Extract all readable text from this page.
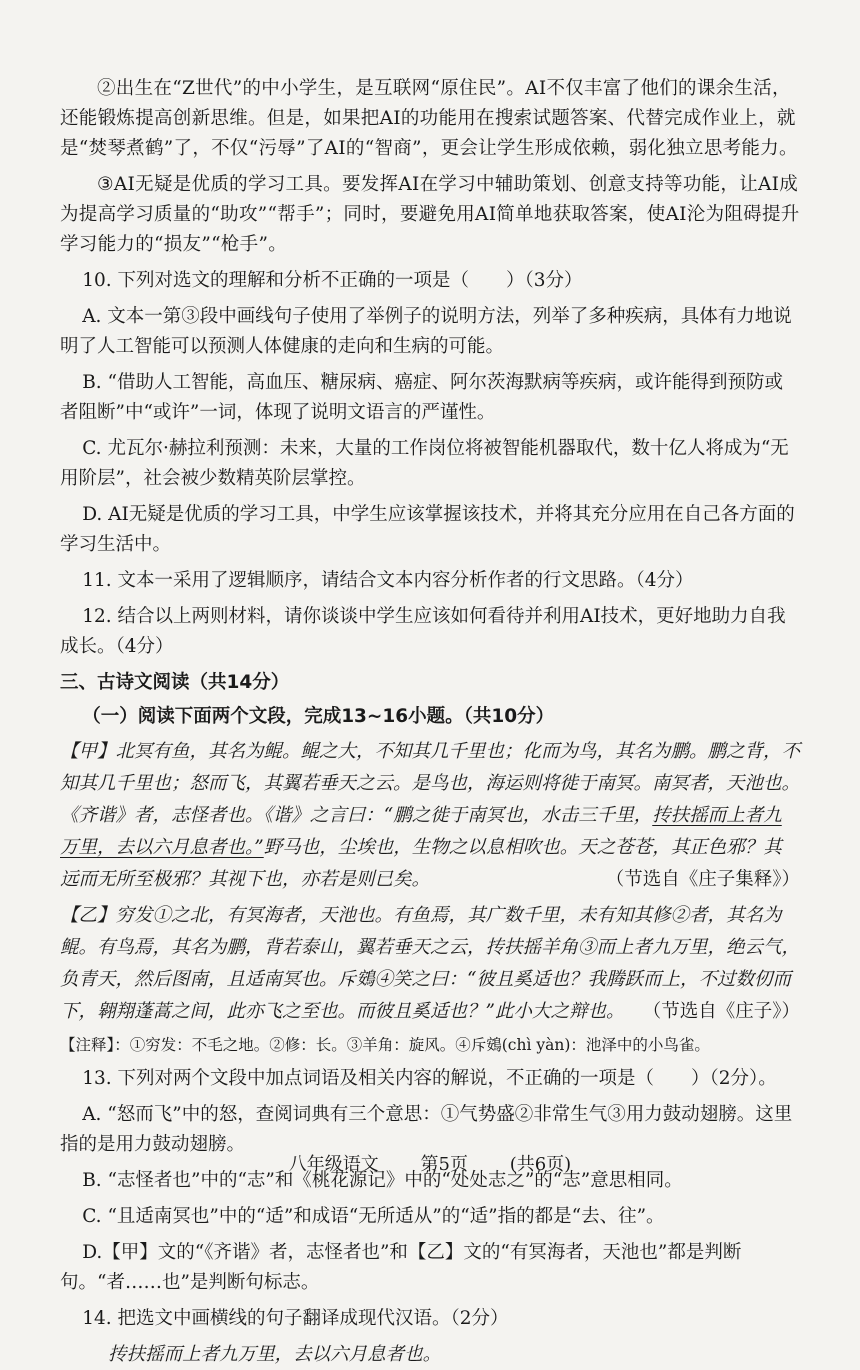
②出生在“Z世代”的中小学生，是互联网“原住民”。AI不仅丰富了他们的课余生活，还能锻炼提高创新思维。但是，如果把AI的功能用在搜索试题答案、代替完成作业上，就是“焚琴煮鹤”了，不仅“污辱”了AI的“智商”，更会让学生形成依赖，弱化独立思考能力。

③AI无疑是优质的学习工具。要发挥AI在学习中辅助策划、创意支持等功能，让AI成为提高学习质量的“助攻”“帮手”；同时，要避免用AI简单地获取答案，使AI沦为阻碍提升学习能力的“损友”“枪手”。

10. 下列对选文的理解和分析不正确的一项是（　　）（3分）

A. 文本一第③段中画线句子使用了举例子的说明方法，列举了多种疾病，具体有力地说明了人工智能可以预测人体健康的走向和生病的可能。

B. “借助人工智能，高血压、糖尿病、癌症、阿尔茨海默病等疾病，或许能得到预防或者阻断”中“或许”一词，体现了说明文语言的严谨性。

C. 尤瓦尔·赫拉利预测：未来，大量的工作岗位将被智能机器取代，数十亿人将成为“无用阶层”，社会被少数精英阶层掌控。

D. AI无疑是优质的学习工具，中学生应该掌握该技术，并将其充分应用在自己各方面的学习生活中。

11. 文本一采用了逻辑顺序，请结合文本内容分析作者的行文思路。（4分）

12. 结合以上两则材料，请你谈谈中学生应该如何看待并利用AI技术，更好地助力自我成长。（4分）

三、古诗文阅读（共14分）
（一）阅读下面两个文段，完成13~16小题。（共10分）

【甲】北冥有鱼，其名为鲲。鲲之大，不知其几千里也；化而为鸟，其名为鹏。鹏之背，不知其几千里也；怒而飞，其翼若垂天之云。是鸟也，海运则将徙于南冥。南冥者，天池也。《齐谐》者，志怪者也。《谐》之言曰：“鹏之徙于南冥也，水击三千里，抟扶摇而上者九万里，去以六月息者也。”野马也，尘埃也，生物之以息相吹也。天之苍苍，其正色邪？其远而无所至极邪？其视下也，亦若是则已矣。	（节选自《庄子集释》）

【乙】穷发①之北，有冥海者，天池也。有鱼焉，其广数千里，未有知其修②者，其名为鲲。有鸟焉，其名为鹏，背若泰山，翼若垂天之云，抟扶摇羊角③而上者九万里，绝云气，负青天，然后图南，且适南冥也。斥鴳④笑之曰：“彼且奚适也？我腾跃而上，不过数仞而下，翱翔蓬蒿之间，此亦飞之至也。而彼且奚适也？”此小大之辩也。 （节选自《庄子》）

【注释】：①穷发：不毛之地。②修：长。③羊角：旋风。④斥鴳(chì yàn)：池泽中的小鸟雀。

13. 下列对两个文段中加点词语及相关内容的解说，不正确的一项是（　　）（2分）。

A. “怒而飞”中的怒，查阅词典有三个意思：①气势盛②非常生气③用力鼓动翅膀。这里指的是用力鼓动翅膀。

B. “志怪者也”中的“志”和《桃花源记》中的“处处志之”的“志”意思相同。

C. “且适南冥也”中的“适”和成语“无所适从”的“适”指的都是“去、往”。

D.【甲】文的“《齐谐》者，志怪者也”和【乙】文的“有冥海者，天池也”都是判断句。“者……也”是判断句标志。

14. 把选文中画横线的句子翻译成现代汉语。（2分）

抟扶摇而上者九万里，去以六月息者也。

八年级语文 第5页 (共6页)
